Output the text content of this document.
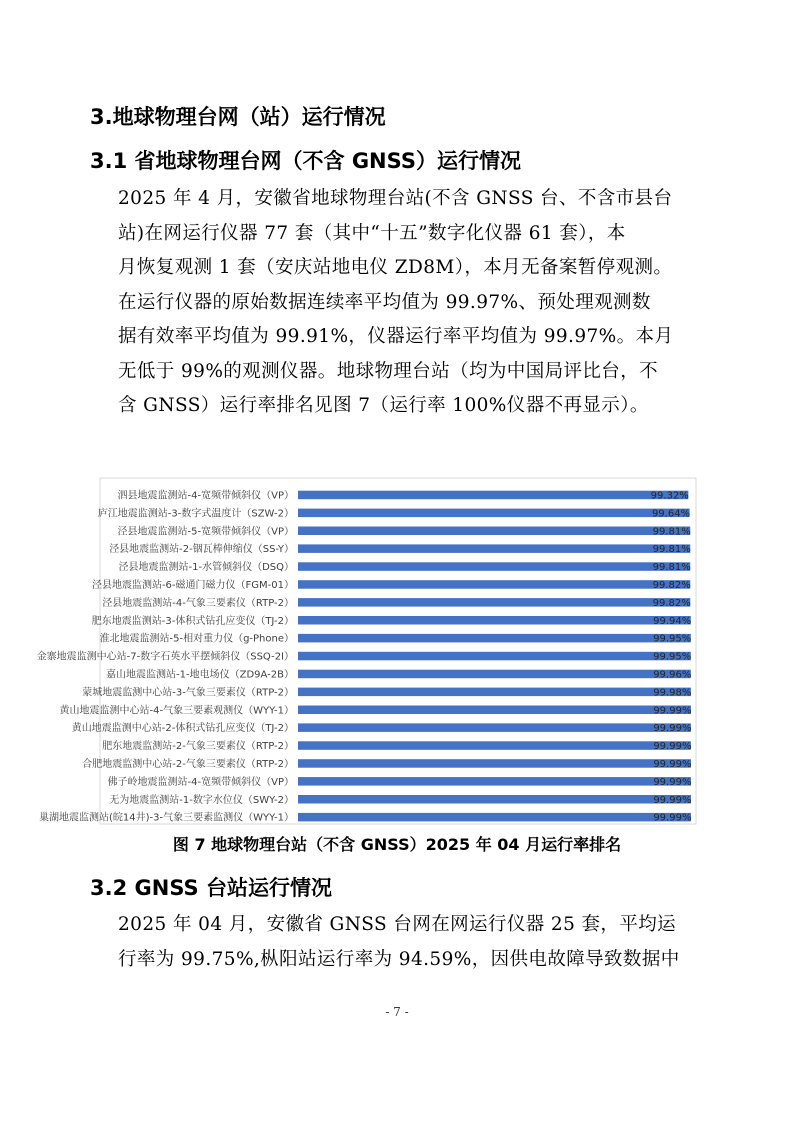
3.地球物理台网（站）运行情况
3.1 省地球物理台网（不含 GNSS）运行情况
2025 年 4 月，安徽省地球物理台站(不含 GNSS 台、不含市县台
站)在网运行仪器 77 套（其中“十五”数字化仪器 61 套），本
月恢复观测 1 套（安庆站地电仪 ZD8M），本月无备案暂停观测。
在运行仪器的原始数据连续率平均值为 99.97%、预处理观测数
据有效率平均值为 99.91%，仪器运行率平均值为 99.97%。本月
无低于 99%的观测仪器。地球物理台站（均为中国局评比台，不
含 GNSS）运行率排名见图 7（运行率 100%仪器不再显示）。
泗县地震监测站-4-宽频带倾斜仪（VP）
庐江地震监测站-3-数字式温度计（SZW-2）
泾县地震监测站-5-宽频带倾斜仪（VP）
泾县地震监测站-2-铟瓦棒伸缩仪（SS-Y）
泾县地震监测站-1-水管倾斜仪（DSQ）
泾县地震监测站-6-磁通门磁力仪（FGM-01）
泾县地震监测站-4-气象三要素仪（RTP-2）
肥东地震监测站-3-体积式钻孔应变仪（TJ-2）
淮北地震监测站-5-相对重力仪（g-Phone）
金寨地震监测中心站-7-数字石英水平摆倾斜仪（SSQ-2I）
嘉山地震监测站-1-地电场仪（ZD9A-2B）
蒙城地震监测中心站-3-气象三要素仪（RTP-2）
黄山地震监测中心站-4-气象三要素观测仪（WYY-1）
黄山地震监测中心站-2-体积式钻孔应变仪（TJ-2）
肥东地震监测站-2-气象三要素仪（RTP-2）
合肥地震监测中心站-2-气象三要素仪（RTP-2）
佛子岭地震监测站-4-宽频带倾斜仪（VP）
无为地震监测站-1-数字水位仪（SWY-2）
巢湖地震监测站(皖14井)-3-气象三要素监测仪（WYY-1）
99.32%
99.64%
99.81%
99.81%
99.81%
99.82%
99.82%
99.94%
99.95%
99.95%
99.96%
99.98%
99.99%
99.99%
99.99%
99.99%
99.99%
99.99%
99.99%

图 7 地球物理台站（不含 GNSS）2025 年 04 月运行率排名

3.2 GNSS 台站运行情况
2025 年 04 月，安徽省 GNSS 台网在网运行仪器 25 套，平均运
行率为 99.75%,枞阳站运行率为 94.59%，因供电故障导致数据中

- 7 -
